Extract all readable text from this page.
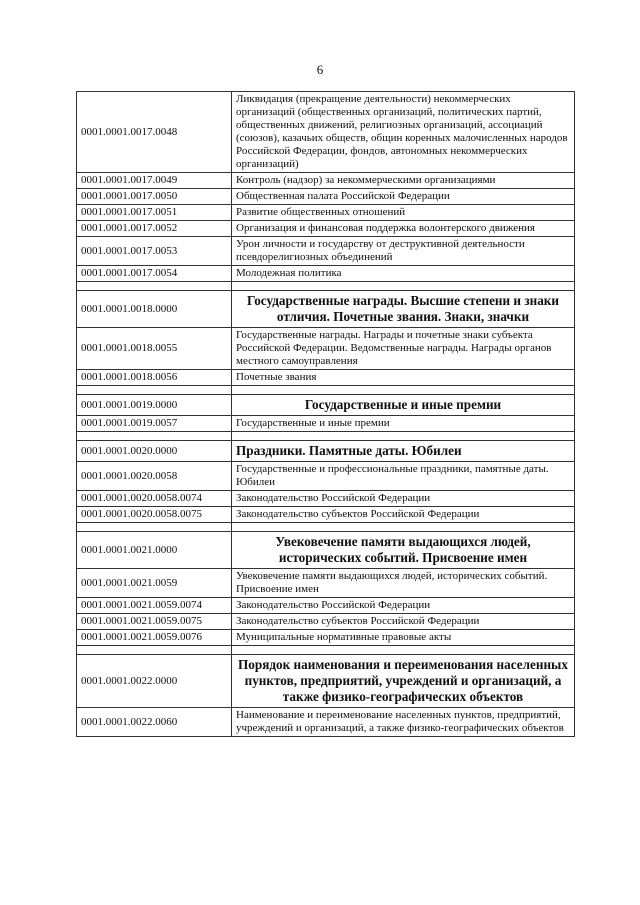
6
0001.0001.0017.0048	Ликвидация (прекращение деятельности) некоммерческих организаций (общественных организаций, политических партий, общественных движений, религиозных организаций, ассоциаций (союзов), казачьих обществ, общин коренных малочисленных народов Российской Федерации, фондов, автономных некоммерческих организаций)
0001.0001.0017.0049	Контроль (надзор) за некоммерческими организациями
0001.0001.0017.0050	Общественная палата Российской Федерации
0001.0001.0017.0051	Развитие общественных отношений
0001.0001.0017.0052	Организация и финансовая поддержка волонтерского движения
0001.0001.0017.0053	Урон личности и государству от деструктивной деятельности псевдорелигиозных объединений
0001.0001.0017.0054	Молодежная политика

0001.0001.0018.0000	Государственные награды. Высшие степени и знаки отличия. Почетные звания. Знаки, значки
0001.0001.0018.0055	Государственные награды. Награды и почетные знаки субъекта Российской Федерации. Ведомственные награды. Награды органов местного самоуправления
0001.0001.0018.0056	Почетные звания

0001.0001.0019.0000	Государственные и иные премии
0001.0001.0019.0057	Государственные и иные премии

0001.0001.0020.0000	Праздники. Памятные даты. Юбилеи
0001.0001.0020.0058	Государственные и профессиональные праздники, памятные даты. Юбилеи
0001.0001.0020.0058.0074	Законодательство Российской Федерации
0001.0001.0020.0058.0075	Законодательство субъектов Российской Федерации

0001.0001.0021.0000	Увековечение памяти выдающихся людей, исторических событий. Присвоение имен
0001.0001.0021.0059	Увековечение памяти выдающихся людей, исторических событий. Присвоение имен
0001.0001.0021.0059.0074	Законодательство Российской Федерации
0001.0001.0021.0059.0075	Законодательство субъектов Российской Федерации
0001.0001.0021.0059.0076	Муниципальные нормативные правовые акты

0001.0001.0022.0000	Порядок наименования и переименования населенных пунктов, предприятий, учреждений и организаций, а также физико-географических объектов
0001.0001.0022.0060	Наименование и переименование населенных пунктов, предприятий, учреждений и организаций, а также физико-географических объектов
